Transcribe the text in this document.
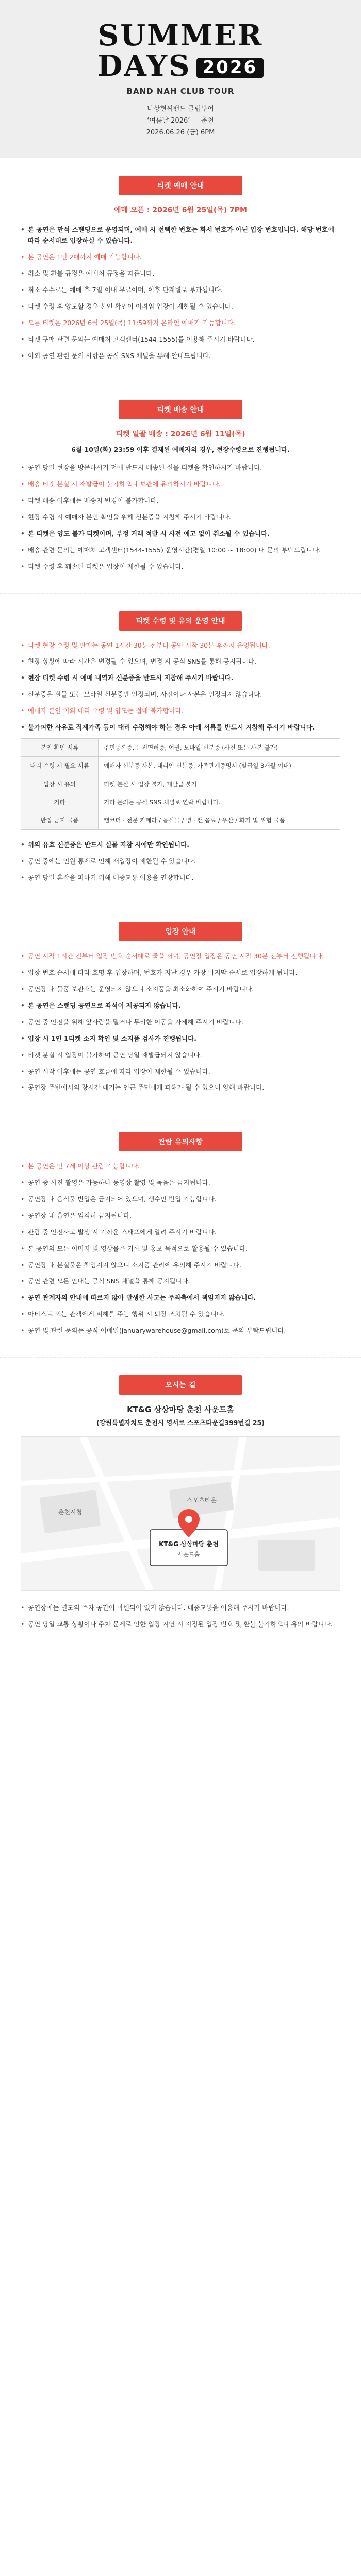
SUMMER
DAYS 2026
BAND NAH CLUB TOUR
나상현씨밴드 클럽투어
‘여름날 2026’ — 춘천
2026.06.26 (금) 6PM
티켓 예매 안내
예매 오픈 : 2026년 6월 25일(목) 7PM
• 본 공연은 만석 스탠딩으로 운영되며, 예매 시 선택한 번호는 화서 번호가 아닌 입장 번호입니다. 해당 번호에 따라 순서대로 입장하실 수 있습니다.
• 본 공연은 1인 2매까지 예매 가능합니다.
• 취소 및 환불 규정은 예매처 규정을 따릅니다.
• 취소 수수료는 예매 후 7일 이내 무료이며, 이후 단계별로 부과됩니다.
• 티켓 수령 후 양도할 경우 본인 확인이 어려워 입장이 제한될 수 있습니다.
• 모든 티켓은 2026년 6월 25일(목) 11:59까지 온라인 예매가 가능합니다.
• 티켓 구매 관련 문의는 예매처 고객센터(1544-1555)를 이용해 주시기 바랍니다.
• 이외 공연 관련 문의 사항은 공식 SNS 채널을 통해 안내드립니다.
티켓 배송 안내
티켓 일괄 배송 : 2026년 6월 11일(목)
6월 10일(화) 23:59 이후 결제된 예매자의 경우, 현장수령으로 진행됩니다.
• 공연 당일 현장을 방문하시기 전에 반드시 배송된 실물 티켓을 확인하시기 바랍니다.
• 배송 티켓 분실 시 재발급이 불가하오니 보관에 유의하시기 바랍니다.
• 티켓 배송 이후에는 배송지 변경이 불가합니다.
• 현장 수령 시 예매자 본인 확인을 위해 신분증을 지참해 주시기 바랍니다.
• 본 티켓은 양도 불가 티켓이며, 부정 거래 적발 시 사전 예고 없이 취소될 수 있습니다.
• 배송 관련 문의는 예매처 고객센터(1544-1555) 운영시간(평일 10:00 ~ 18:00) 내 문의 부탁드립니다.
• 티켓 수령 후 훼손된 티켓은 입장이 제한될 수 있습니다.
티켓 수령 및 유의 운영 안내
• 티켓 현장 수령 및 판매는 공연 1시간 30분 전부터 공연 시작 30분 후까지 운영됩니다.
• 현장 상황에 따라 시간은 변경될 수 있으며, 변경 시 공식 SNS를 통해 공지됩니다.
• 현장 티켓 수령 시 예매 내역과 신분증을 반드시 지참해 주시기 바랍니다.
• 신분증은 실물 또는 모바일 신분증만 인정되며, 사진이나 사본은 인정되지 않습니다.
• 예매자 본인 이외 대리 수령 및 양도는 절대 불가합니다.
• 불가피한 사유로 직계가족 등이 대리 수령해야 하는 경우 아래 서류를 반드시 지참해 주시기 바랍니다.
본인 확인 서류	주민등록증, 운전면허증, 여권, 모바일 신분증 (사진 또는 사본 불가)
대리 수령 시 필요 서류	예매자 신분증 사본, 대리인 신분증, 가족관계증명서 (발급일 3개월 이내)
입장 시 유의	티켓 분실 시 입장 불가, 재발급 불가
기타	기타 문의는 공식 SNS 채널로 연락 바랍니다.
반입 금지 물품	캠코더 · 전문 카메라 / 음식물 / 병 · 캔 음료 / 우산 / 화기 및 위험 물품
• 위의 유효 신분증은 반드시 실물 지참 시에만 확인됩니다.
• 공연 중에는 인원 통제로 인해 재입장이 제한될 수 있습니다.
• 공연 당일 혼잡을 피하기 위해 대중교통 이용을 권장합니다.
입장 안내
• 공연 시작 1시간 전부터 입장 번호 순서대로 줄을 서며, 공연장 입장은 공연 시작 30분 전부터 진행됩니다.
• 입장 번호 순서에 따라 호명 후 입장하며, 번호가 지난 경우 가장 마지막 순서로 입장하게 됩니다.
• 공연장 내 물품 보관소는 운영되지 않으니 소지품을 최소화하여 주시기 바랍니다.
• 본 공연은 스탠딩 공연으로 좌석이 제공되지 않습니다.
• 공연 중 안전을 위해 앞사람을 밀거나 무리한 이동을 자제해 주시기 바랍니다.
• 입장 시 1인 1티켓 소지 확인 및 소지품 검사가 진행됩니다.
• 티켓 분실 시 입장이 불가하며 공연 당일 재발급되지 않습니다.
• 공연 시작 이후에는 공연 흐름에 따라 입장이 제한될 수 있습니다.
• 공연장 주변에서의 장시간 대기는 인근 주민에게 피해가 될 수 있으니 양해 바랍니다.
관람 유의사항
• 본 공연은 만 7세 이상 관람 가능합니다.
• 공연 중 사진 촬영은 가능하나 동영상 촬영 및 녹음은 금지됩니다.
• 공연장 내 음식물 반입은 금지되어 있으며, 생수만 반입 가능합니다.
• 공연장 내 흡연은 엄격히 금지됩니다.
• 관람 중 안전사고 발생 시 가까운 스태프에게 알려 주시기 바랍니다.
• 본 공연의 모든 이미지 및 영상물은 기록 및 홍보 목적으로 활용될 수 있습니다.
• 공연장 내 분실물은 책임지지 않으니 소지품 관리에 유의해 주시기 바랍니다.
• 공연 관련 모든 안내는 공식 SNS 채널을 통해 공지됩니다.
• 공연 관계자의 안내에 따르지 않아 발생한 사고는 주최측에서 책임지지 않습니다.
• 아티스트 또는 관객에게 피해를 주는 행위 시 퇴장 조치될 수 있습니다.
• 공연 및 관련 문의는 공식 이메일(januarywarehouse@gmail.com)로 문의 부탁드립니다.
오시는 길
KT&G 상상마당 춘천 사운드홀
(강원특별자치도 춘천시 영서로 스포츠타운길399번길 25)
춘천시청
스포츠타운
KT&G 상상마당 춘천
사운드홀
• 공연장에는 별도의 주차 공간이 마련되어 있지 않습니다. 대중교통을 이용해 주시기 바랍니다.
• 공연 당일 교통 상황이나 주차 문제로 인한 입장 지연 시 지정된 입장 번호 및 환불 불가하오니 유의 바랍니다.
